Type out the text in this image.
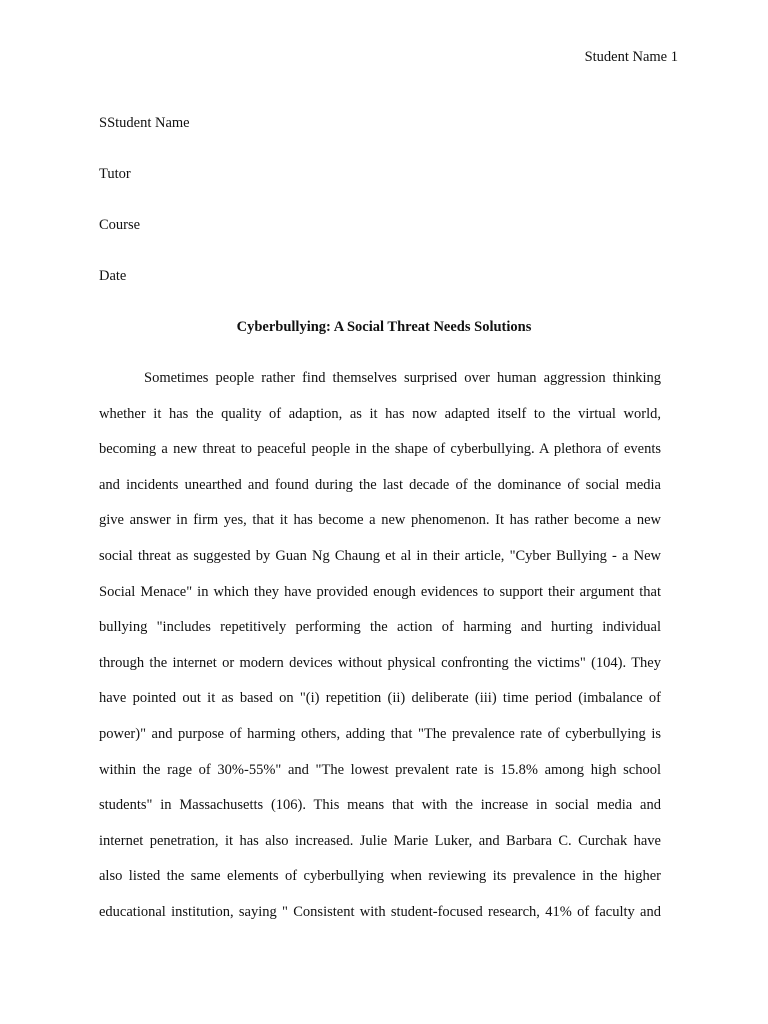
Student Name 1
SStudent Name
Tutor
Course
Date
Cyberbullying: A Social Threat Needs Solutions
Sometimes people rather find themselves surprised over human aggression thinking
whether it has the quality of adaption, as it has now adapted itself to the virtual world,
becoming a new threat to peaceful people in the shape of cyberbullying. A plethora of events
and incidents unearthed and found during the last decade of the dominance of social media
give answer in firm yes, that it has become a new phenomenon. It has rather become a new
social threat as suggested by Guan Ng Chaung et al in their article, "Cyber Bullying - a New
Social Menace" in which they have provided enough evidences to support their argument that
bullying "includes repetitively performing the action of harming and hurting individual
through the internet or modern devices without physical confronting the victims" (104). They
have pointed out it as based on "(i) repetition (ii) deliberate (iii) time period (imbalance of
power)" and purpose of harming others, adding that "The prevalence rate of cyberbullying is
within the rage of 30%-55%" and "The lowest prevalent rate is 15.8% among high school
students" in Massachusetts (106). This means that with the increase in social media and
internet penetration, it has also increased. Julie Marie Luker, and Barbara C. Curchak have
also listed the same elements of cyberbullying when reviewing its prevalence in the higher
educational institution, saying " Consistent with student-focused research, 41% of faculty and
